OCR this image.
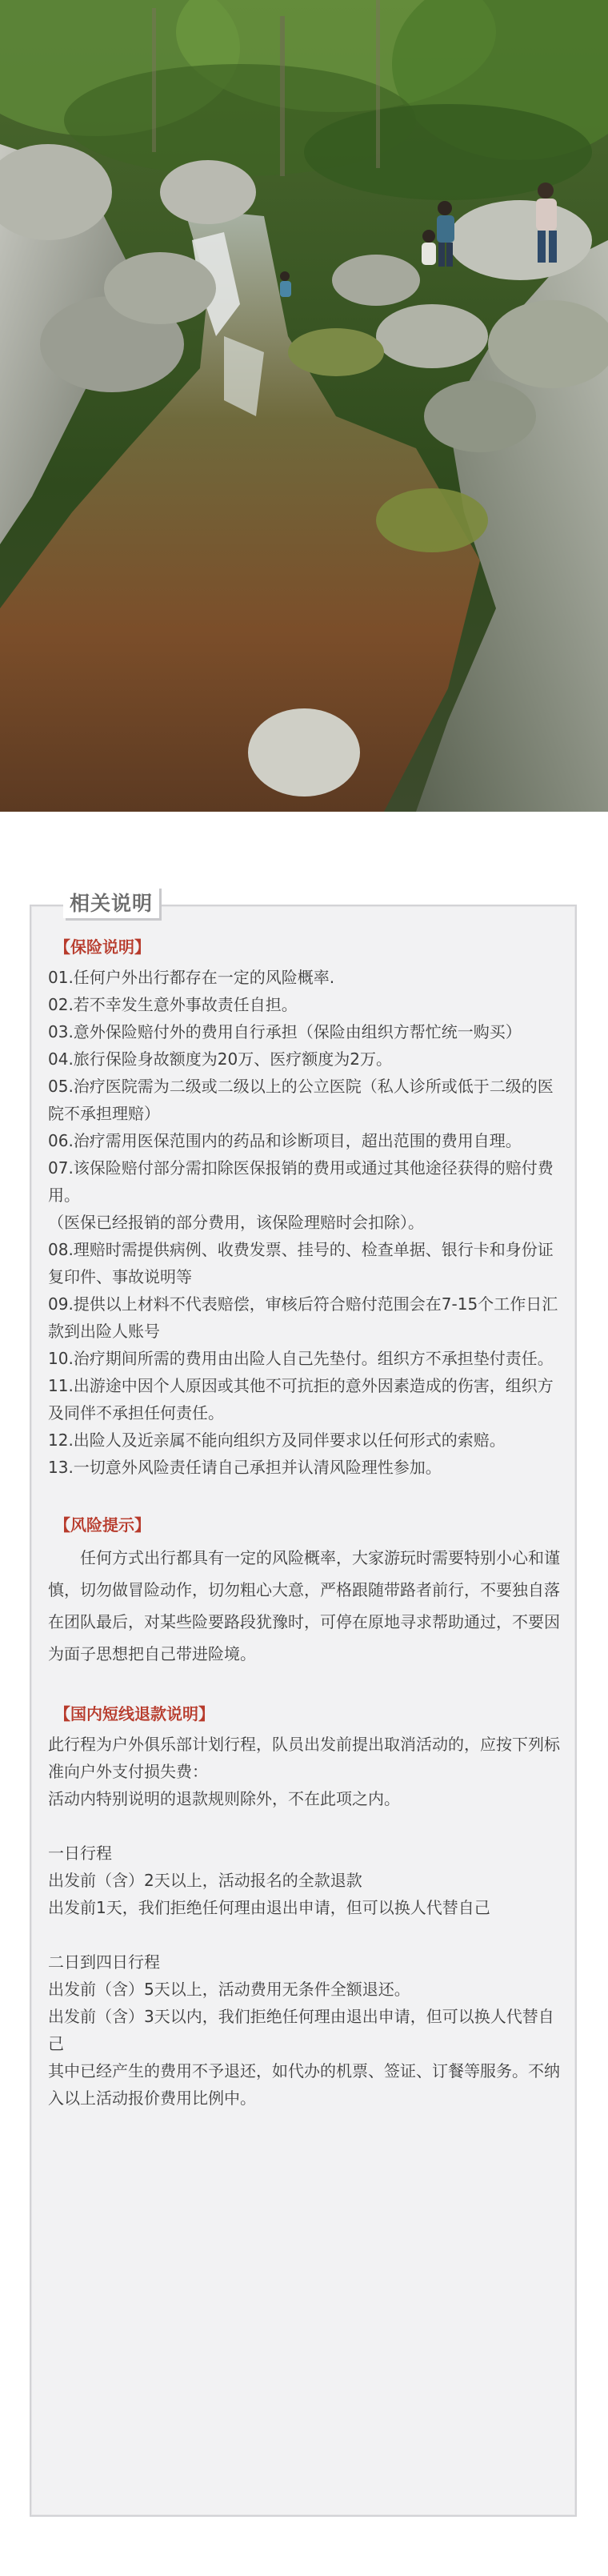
相关说明
【保险说明】

01.任何户外出行都存在一定的风险概率.

02.若不幸发生意外事故责任自担。

03.意外保险赔付外的费用自行承担（保险由组织方帮忙统一购买）

04.旅行保险身故额度为20万、医疗额度为2万。

05.治疗医院需为二级或二级以上的公立医院（私人诊所或低于二级的医院不承担理赔）

06.治疗需用医保范围内的药品和诊断项目，超出范围的费用自理。

07.该保险赔付部分需扣除医保报销的费用或通过其他途径获得的赔付费用。

（医保已经报销的部分费用，该保险理赔时会扣除）。

08.理赔时需提供病例、收费发票、挂号的、检查单据、银行卡和身份证复印件、事故说明等

09.提供以上材料不代表赔偿，审核后符合赔付范围会在7-15个工作日汇款到出险人账号

10.治疗期间所需的费用由出险人自己先垫付。组织方不承担垫付责任。

11.出游途中因个人原因或其他不可抗拒的意外因素造成的伤害，组织方及同伴不承担任何责任。

12.出险人及近亲属不能向组织方及同伴要求以任何形式的索赔。

13.一切意外风险责任请自己承担并认清风险理性参加。

【风险提示】

任何方式出行都具有一定的风险概率，大家游玩时需要特别小心和谨慎，切勿做冒险动作，切勿粗心大意，严格跟随带路者前行，不要独自落在团队最后，对某些险要路段犹豫时，可停在原地寻求帮助通过，不要因为面子思想把自己带进险境。

【国内短线退款说明】

此行程为户外俱乐部计划行程，队员出发前提出取消活动的，应按下列标准向户外支付损失费：

活动内特别说明的退款规则除外，不在此项之内。

一日行程

出发前（含）2天以上，活动报名的全款退款

出发前1天，我们拒绝任何理由退出申请，但可以换人代替自己

二日到四日行程

出发前（含）5天以上，活动费用无条件全额退还。

出发前（含）3天以内，我们拒绝任何理由退出申请，但可以换人代替自己

其中已经产生的费用不予退还，如代办的机票、签证、订餐等服务。不纳入以上活动报价费用比例中。
